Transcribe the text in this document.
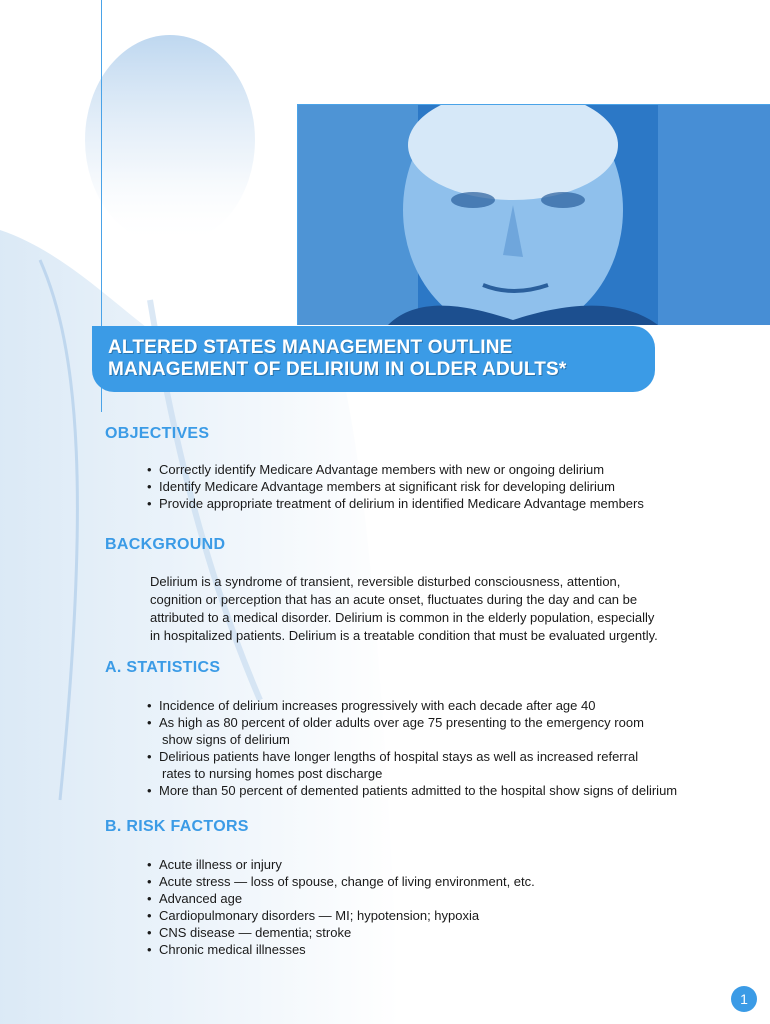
ALTERED STATES MANAGEMENT OUTLINE
MANAGEMENT OF DELIRIUM IN OLDER ADULTS*
OBJECTIVES
• Correctly identify Medicare Advantage members with new or ongoing delirium
• Identify Medicare Advantage members at significant risk for developing delirium
• Provide appropriate treatment of delirium in identified Medicare Advantage members
BACKGROUND

Delirium is a syndrome of transient, reversible disturbed consciousness, attention,
cognition or perception that has an acute onset, fluctuates during the day and can be
attributed to a medical disorder. Delirium is common in the elderly population, especially
in hospitalized patients. Delirium is a treatable condition that must be evaluated urgently.

A. STATISTICS
• Incidence of delirium increases progressively with each decade after age 40
• As high as 80 percent of older adults over age 75 presenting to the emergency room
show signs of delirium
• Delirious patients have longer lengths of hospital stays as well as increased referral
rates to nursing homes post discharge
• More than 50 percent of demented patients admitted to the hospital show signs of delirium
B. RISK FACTORS
• Acute illness or injury
• Acute stress — loss of spouse, change of living environment, etc.
• Advanced age
• Cardiopulmonary disorders — MI; hypotension; hypoxia
• CNS disease — dementia; stroke
• Chronic medical illnesses
1
